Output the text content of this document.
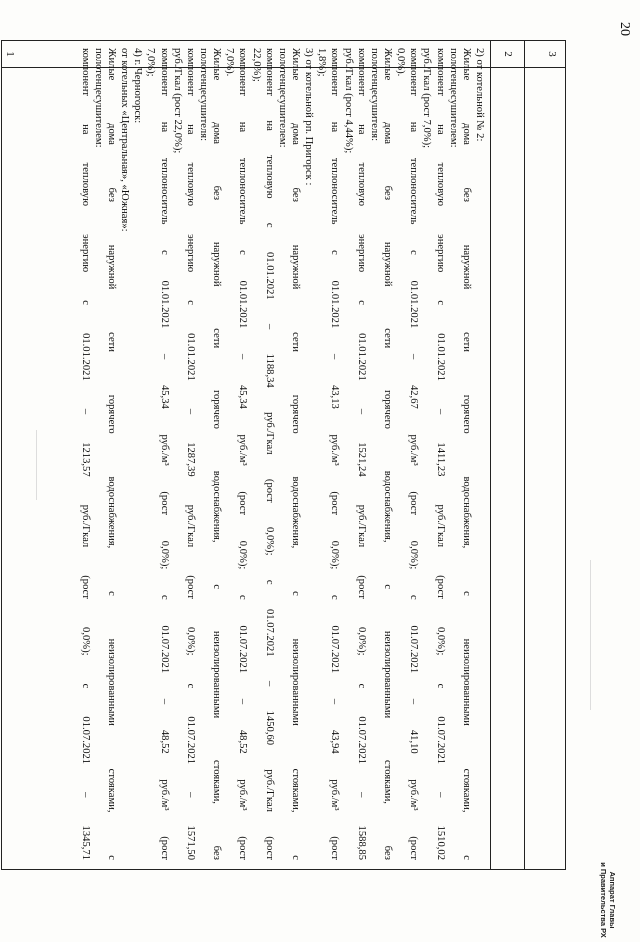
20
3
2
1	2) от котельной № 2:
Жилые дома без наружной сети горячего водоснабжения, с неизолированными стояками, с
полотенцесушителем:
компонент на тепловую энергию с 01.01.2021 – 1411,23 руб./Гкал (рост 0,0%); с 01.07.2021 – 1510,02
руб./Гкал (рост 7,0%);
компонент на теплоноситель с 01.01.2021 – 42,67 руб./м³ (рост 0,0%); с 01.07.2021 – 41,10 руб./м³ (рост
0,0%).
Жилые дома без наружной сети горячего водоснабжения, с неизолированными стояками, без
полотенцесушителя:
компонент на тепловую энергию с 01.01.2021 – 1521,24 руб./Гкал (рост 0,0%); с 01.07.2021 – 1588,85
руб./Гкал (рост 4,44%);
компонент на теплоноситель с 01.01.2021 – 43,13 руб./м³ (рост 0,0%); с 01.07.2021 – 43,94 руб./м³ (рост
1,8%);
3) от котельной рп. Пригорск :
Жилые дома без наружной сети горячего водоснабжения, с неизолированными стояками, с
полотенцесушителем:
компонент на тепловую с 01.01.2021 – 1188,34 руб./Гкал (рост 0,0%); с 01.07.2021 – 1450,60 руб./Гкал (рост
22,0%);
компонент на теплоноситель с 01.01.2021 – 45,34 руб./м³ (рост 0,0%); с 01.07.2021 – 48,52 руб./м³ (рост
7,0%).
Жилые дома без наружной сети горячего водоснабжения, с неизолированными стояками, без
полотенцесушителя:
компонент на тепловую энергию с 01.01.2021 – 1287,39 руб./Гкал (рост 0,0%); с 01.07.2021 – 1571,50
руб./Гкал (рост 22,0%);
компонент на теплоноситель с 01.01.2021 – 45,34 руб./м³ (рост 0,0%); с 01.07.2021 – 48,52 руб./м³ (рост
7,0%);
4) г. Черногорск:
от котельных «Центральная», «Южная»:
Жилые дома без наружной сети горячего водоснабжения, с неизолированными стояками, с
полотенцесушителем:
компонент на тепловую энергию с 01.01.2021 – 1213,57 руб./Гкал (рост 0,0%); с 01.07.2021 – 1345,71
Аппарат Главы
и Правительства РХ
